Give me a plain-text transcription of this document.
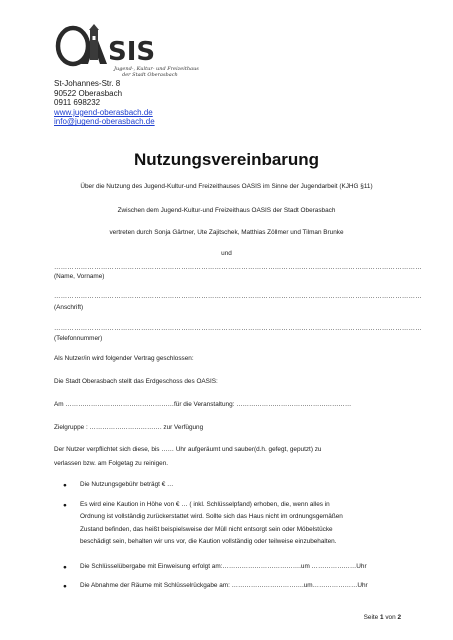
SIS
Jugend-, Kultur- und Freizeithaus
der Stadt Oberasbach
St-Johannes-Str. 8
90522 Oberasbach
0911 698232
www.jugend-oberasbach.de
info@jugend-oberasbach.de
Nutzungsvereinbarung
Über die Nutzung des Jugend-Kultur-und Freizeithauses OASIS im Sinne der Jugendarbeit (KJHG §11)
Zwischen dem Jugend-Kultur-und Freizeithaus OASIS der Stadt Oberasbach
vertreten durch Sonja Gärtner, Ute Zajitschek, Matthias Zöllmer und Tilman Brunke
und
…………………………………………………………………………………………………………………………………………………
(Name, Vorname)
…………………………………………………………………………………………………………………………………………………
(Anschrift)
…………………………………………………………………………………………………………………………………………………
(Telefonnummer)
Als Nutzer/in wird folgender Vertrag geschlossen:
Die Stadt Oberasbach stellt das Erdgeschoss des OASIS:
Am ……………………………………………für die Veranstaltung: ………………………………………………
Zielgruppe : ……………………………. zur Verfügung
Der Nutzer verpflichtet sich diese, bis …… Uhr aufgeräumt und sauber(d.h. gefegt, geputzt) zu
verlassen bzw. am Folgetag zu reinigen.
● Die Nutzungsgebühr beträgt € …
● Es wird eine Kaution in Höhe von € … ( inkl. Schlüsselpfand) erhoben, die, wenn alles in
Ordnung ist vollständig zurückerstattet wird. Sollte sich das Haus nicht im ordnungsgemäßen
Zustand befinden, das heißt beispielsweise der Müll nicht entsorgt sein oder Möbelstücke
beschädigt sein, behalten wir uns vor, die Kaution vollständig oder teilweise einzubehalten.
● Die Schlüsselübergabe mit Einweisung erfolgt am:……………………………….um …………………Uhr
● Die Abnahme der Räume mit Schlüsselrückgabe am: …………………………….um…………………Uhr
Seite 1 von 2
